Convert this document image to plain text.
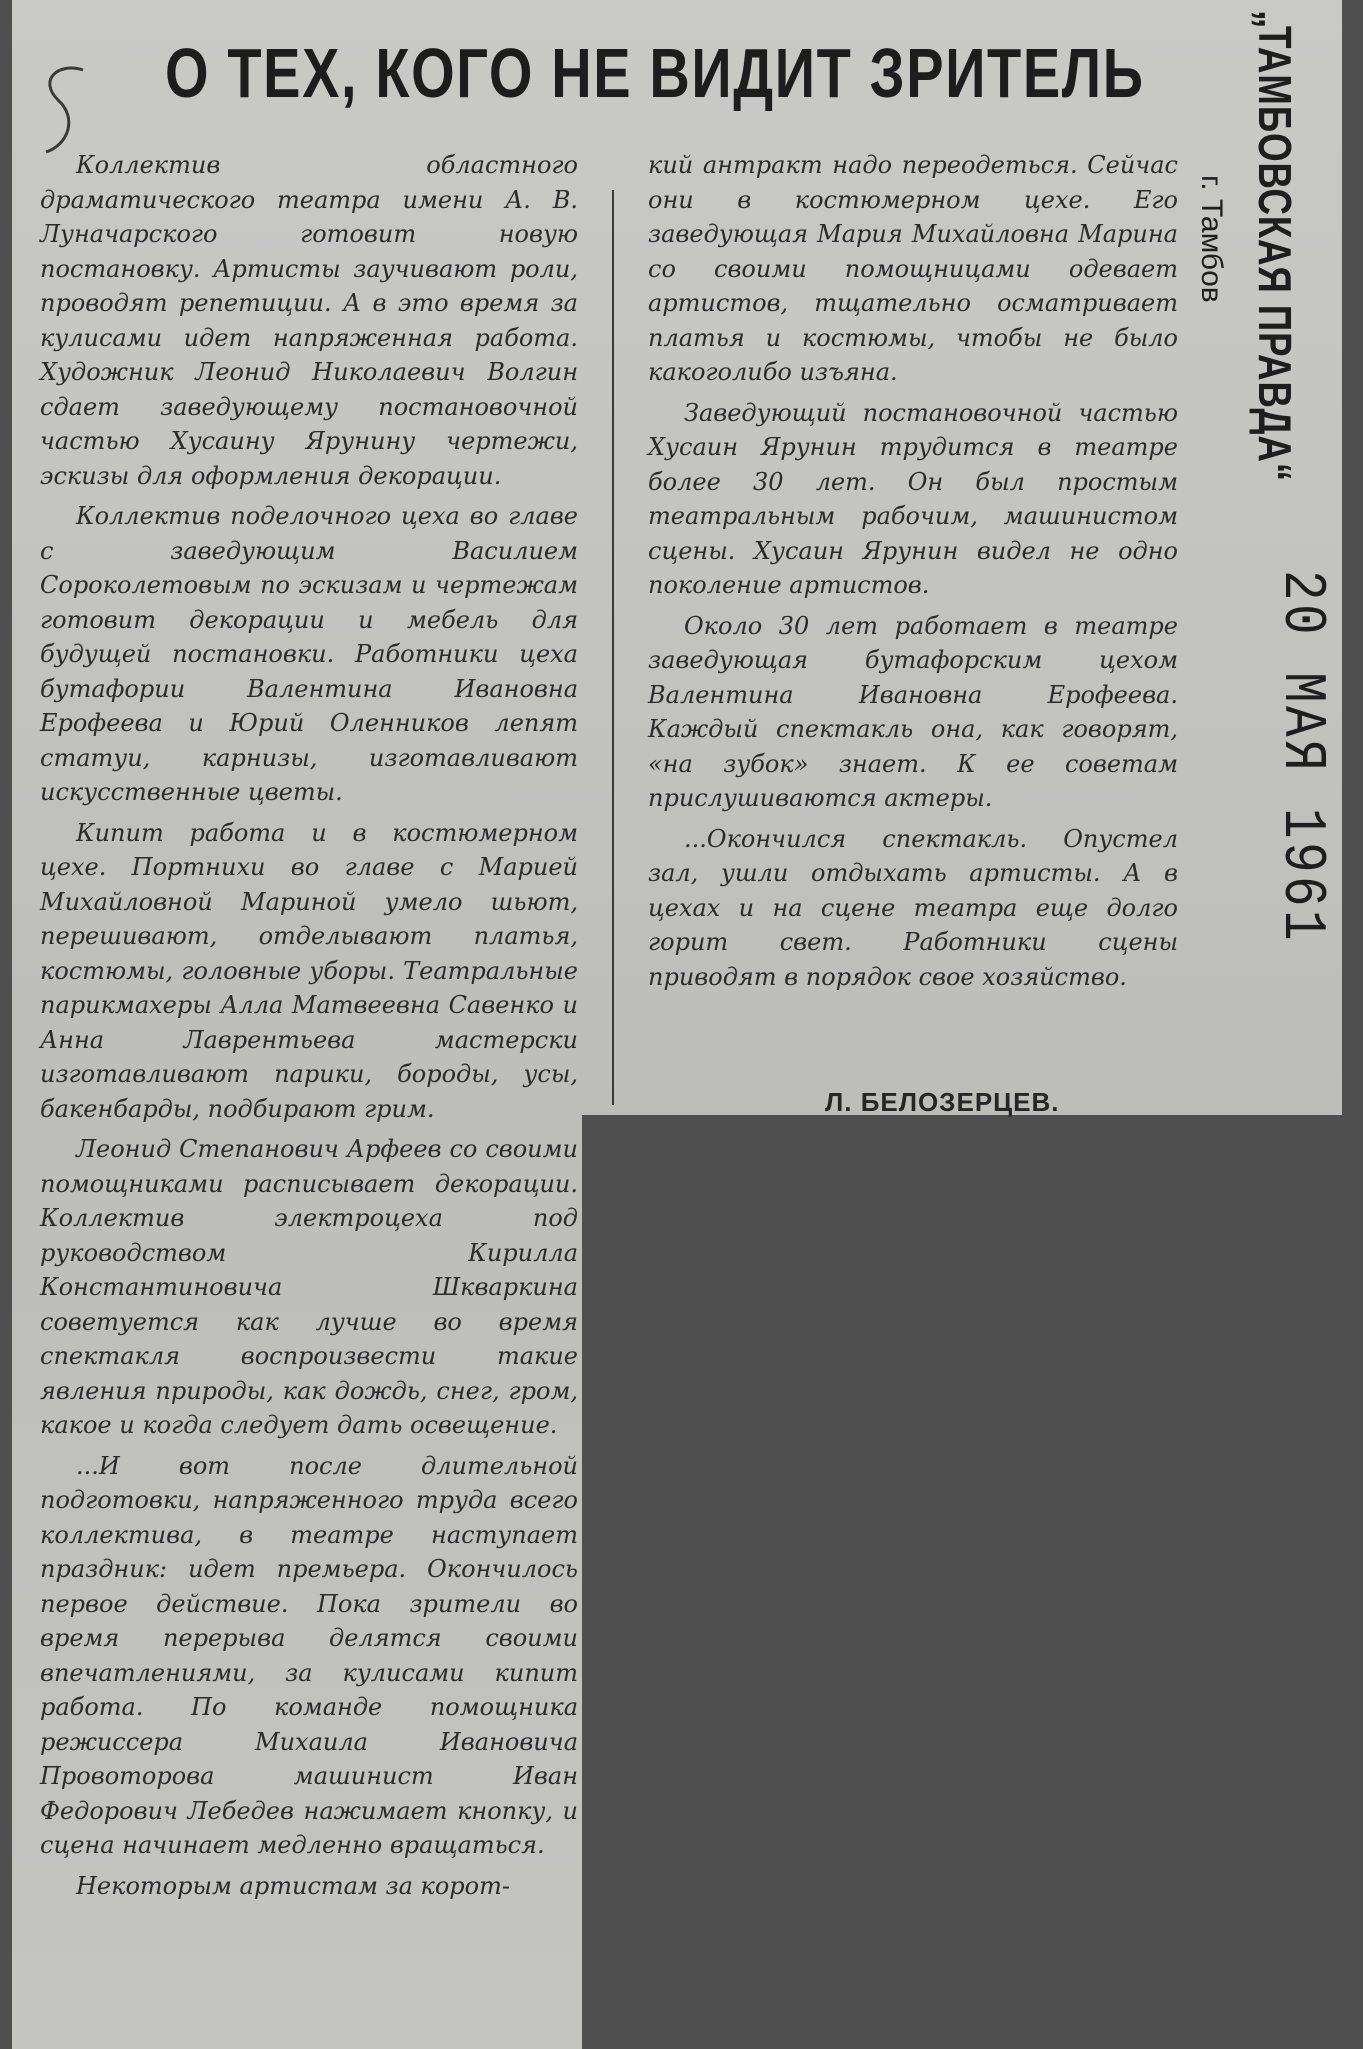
О ТЕХ, КОГО НЕ ВИДИТ ЗРИТЕЛЬ

Коллектив областного драматического театра имени А. В. Луначарского готовит новую постановку. Артисты заучивают роли, проводят репетиции. А в это время за кулисами идет напряженная работа. Художник Леонид Николаевич Волгин сдает заведующему постановочной частью Хусаину Ярунину чертежи, эскизы для оформления декорации.

Коллектив поделочного цеха во главе с заведующим Василием Сороколетовым по эскизам и чертежам готовит декорации и мебель для будущей постановки. Работники цеха бутафории Валентина Ивановна Ерофеева и Юрий Оленников лепят статуи, карнизы, изготавливают искусственные цветы.

Кипит работа и в костюмерном цехе. Портнихи во главе с Марией Михайловной Мариной умело шьют, перешивают, отделывают платья, костюмы, головные уборы. Театральные парикмахеры Алла Матвеевна Савенко и Анна Лаврентьева мастерски изготавливают парики, бороды, усы, бакенбарды, подбирают грим.

Леонид Степанович Арфеев со своими помощниками расписывает декорации. Коллектив электроцеха под руководством Кирилла Константиновича Шкваркина советуется как лучше во время спектакля воспроизвести такие явления природы, как дождь, снег, гром, какое и когда следует дать освещение.

...И вот после длительной подготовки, напряженного труда всего коллектива, в театре наступает праздник: идет премьера. Окончилось первое действие. Пока зрители во время перерыва делятся своими впечатлениями, за кулисами кипит работа. По команде помощника режиссера Михаила Ивановича Провоторова машинист Иван Федорович Лебедев нажимает кнопку, и сцена начинает медленно вращаться.

Некоторым артистам за корот-

кий антракт надо переодеться. Сейчас они в костюмерном цехе. Его заведующая Мария Михайловна Марина со своими помощницами одевает артистов, тщательно осматривает платья и костюмы, чтобы не было какоголибо изъяна.

Заведующий постановочной частью Хусаин Ярунин трудится в театре более 30 лет. Он был простым театральным рабочим, машинистом сцены. Хусаин Ярунин видел не одно поколение артистов.

Около 30 лет работает в театре заведующая бутафорским цехом Валентина Ивановна Ерофеева. Каждый спектакль она, как говорят, «на зубок» знает. К ее советам прислушиваются актеры.

...Окончился спектакль. Опустел зал, ушли отдыхать артисты. А в цехах и на сцене театра еще долго горит свет. Работники сцены приводят в порядок свое хозяйство.

Л. БЕЛОЗЕРЦЕВ.
„ТАМБОВСКАЯ ПРАВДА“
г. Тамбов
20 МАЯ 1961
